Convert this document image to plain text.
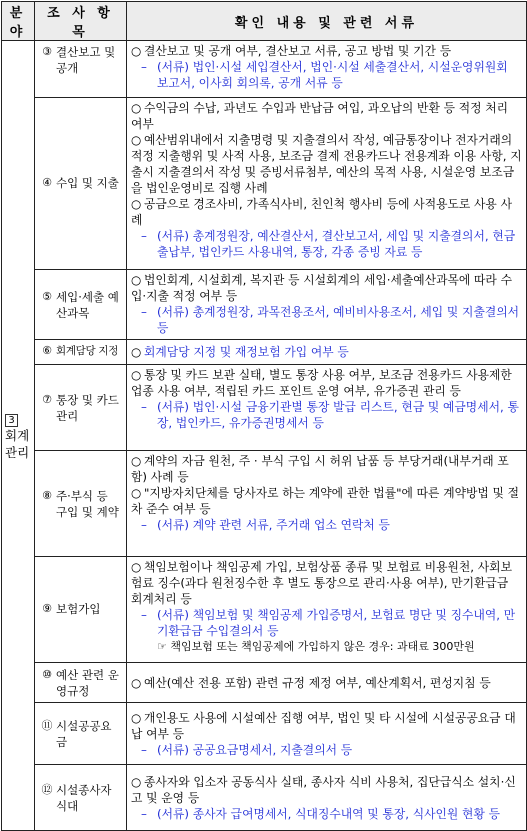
분 야	조 사 항 목	확인 내용 및 관련 서류
3
회계관리	③ 결산보고 및 공개	○ 결산보고 및 공개 여부, 결산보고 서류, 공고 방법 및 기간 등
– (서류) 법인·시설 세입결산서, 법인·시설 세출결산서, 시설운영위원회 보고서, 이사회 회의록, 공개 서류 등

	④ 수입 및 지출	○ 수익금의 수납, 과년도 수입과 반납금 여입, 과오납의 반환 등 적정 처리 여부
○ 예산범위내에서 지출명령 및 지출결의서 작성, 예금통장이나 전자거래의 적정 지출행위 및 사적 사용, 보조금 결제 전용카드나 전용계좌 이용 사항, 지출시 지출결의서 작성 및 증빙서류첨부, 예산의 목적 사용, 시설운영 보조금을 법인운영비로 집행 사례
○ 공금으로 경조사비, 가족식사비, 친인척 행사비 등에 사적용도로 사용 사례
– (서류) 총계정원장, 예산결산서, 결산보고서, 세입 및 지출결의서, 현금출납부, 법인카드 사용내역, 통장, 각종 증빙 자료 등

	⑤ 세입·세출 예산과목	○ 법인회계, 시설회계, 복지관 등 시설회계의 세입·세출예산과목에 따라 수입·지출 적정 여부 등
– (서류) 총계정원장, 과목전용조서, 예비비사용조서, 세입 및 지출결의서 등

	⑥ 회계담당 지정	○ 회계담당 지정 및 재정보험 가입 여부 등

	⑦ 통장 및 카드관리	○ 통장 및 카드 보관 실태, 별도 통장 사용 여부, 보조금 전용카드 사용제한 업종 사용 여부, 적립된 카드 포인트 운영 여부, 유가증권 관리 등
– (서류) 법인·시설 금융기관별 통장 발급 리스트, 현금 및 예금명세서, 통장, 법인카드, 유가증권명세서 등

	⑧ 주·부식 등 구입 및 계약	○ 계약의 자금 원천, 주 · 부식 구입 시 허위 납품 등 부당거래(내부거래 포함) 사례 등
○ "지방자치단체를 당사자로 하는 계약에 관한 법률"에 따른 계약방법 및 절차 준수 여부 등
– (서류) 계약 관련 서류, 주거래 업소 연락처 등

	⑨ 보험가입	○ 책임보험이나 책임공제 가입, 보험상품 종류 및 보험료 비용원천, 사회보험료 징수(과다 원천징수한 후 별도 통장으로 관리·사용 여부), 만기환급금 회계처리 등
– (서류) 책임보험 및 책임공제 가입증명서, 보험료 명단 및 징수내역, 만기환급금 수입결의서 등
☞ 책임보험 또는 책임공제에 가입하지 않은 경우: 과태료 300만원

	⑩ 예산 관련 운영규정	○ 예산(예산 전용 포함) 관련 규정 제정 여부, 예산계획서, 편성지침 등

	⑪ 시설공공요금	○ 개인용도 사용에 시설예산 집행 여부, 법인 및 타 시설에 시설공공요금 대납 여부 등
– (서류) 공공요금명세서, 지출결의서 등

	⑫ 시설종사자 식대	○ 종사자와 입소자 공동식사 실태, 종사자 식비 사용처, 집단급식소 설치·신고 및 운영 등
– (서류) 종사자 급여명세서, 식대징수내역 및 통장, 식사인원 현황 등
